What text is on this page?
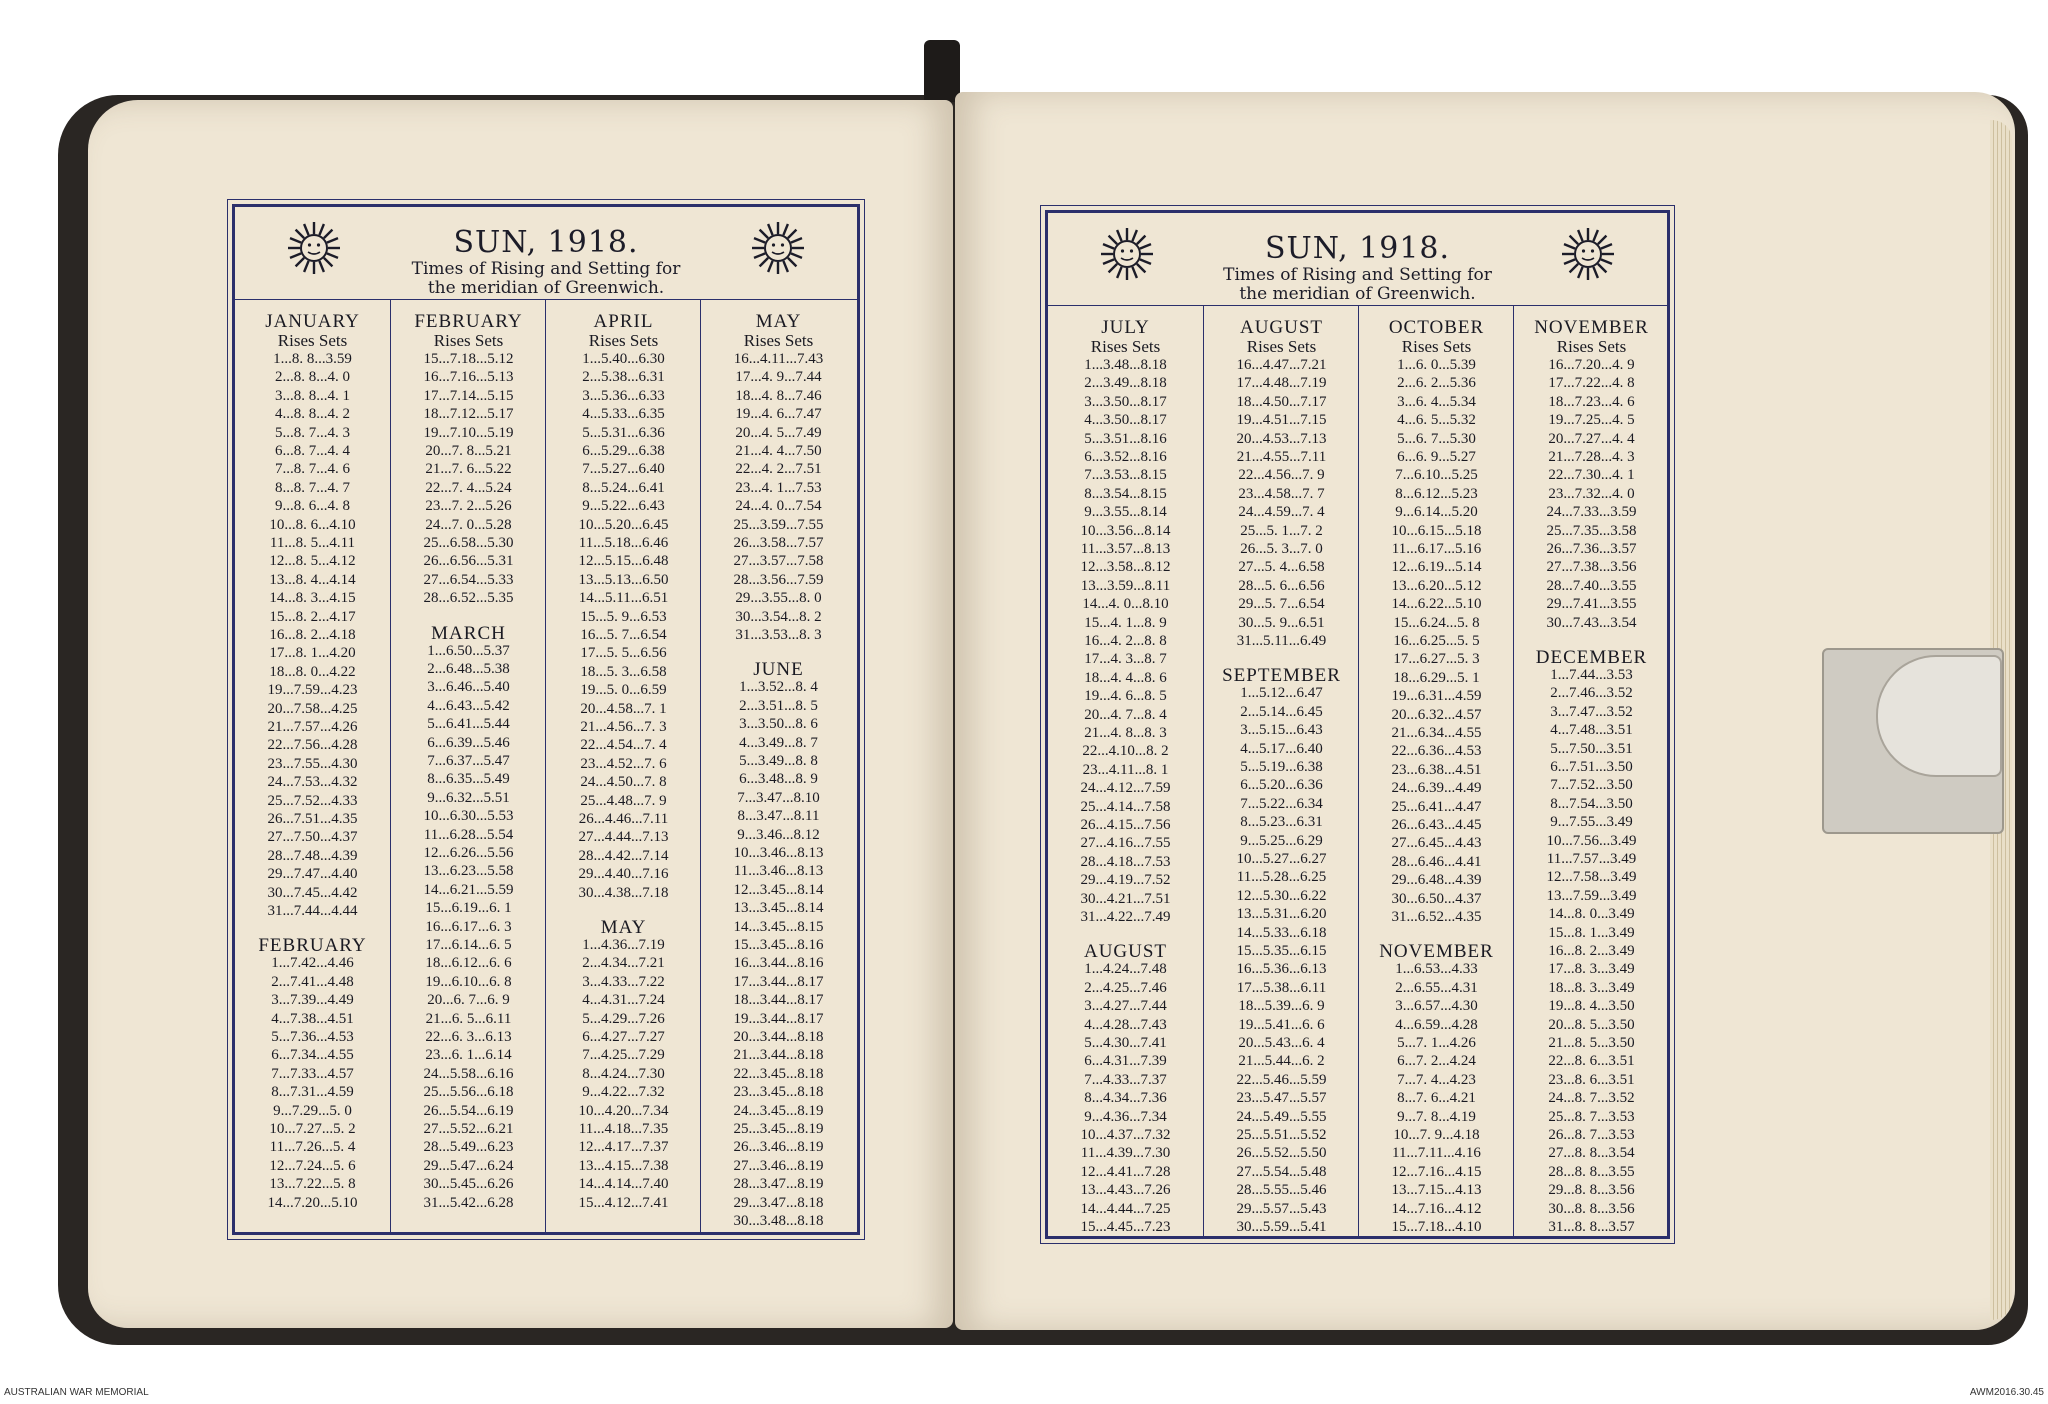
SUN, 1918.
Times of Rising and Setting for
the meridian of Greenwich.
JANUARY
Rises Sets
1...8. 8...3.59
2...8. 8...4. 0
3...8. 8...4. 1
4...8. 8...4. 2
5...8. 7...4. 3
6...8. 7...4. 4
7...8. 7...4. 6
8...8. 7...4. 7
9...8. 6...4. 8
10...8. 6...4.10
11...8. 5...4.11
12...8. 5...4.12
13...8. 4...4.14
14...8. 3...4.15
15...8. 2...4.17
16...8. 2...4.18
17...8. 1...4.20
18...8. 0...4.22
19...7.59...4.23
20...7.58...4.25
21...7.57...4.26
22...7.56...4.28
23...7.55...4.30
24...7.53...4.32
25...7.52...4.33
26...7.51...4.35
27...7.50...4.37
28...7.48...4.39
29...7.47...4.40
30...7.45...4.42
31...7.44...4.44
FEBRUARY
1...7.42...4.46
2...7.41...4.48
3...7.39...4.49
4...7.38...4.51
5...7.36...4.53
6...7.34...4.55
7...7.33...4.57
8...7.31...4.59
9...7.29...5. 0
10...7.27...5. 2
11...7.26...5. 4
12...7.24...5. 6
13...7.22...5. 8
14...7.20...5.10
FEBRUARY
Rises Sets
15...7.18...5.12
16...7.16...5.13
17...7.14...5.15
18...7.12...5.17
19...7.10...5.19
20...7. 8...5.21
21...7. 6...5.22
22...7. 4...5.24
23...7. 2...5.26
24...7. 0...5.28
25...6.58...5.30
26...6.56...5.31
27...6.54...5.33
28...6.52...5.35
MARCH
1...6.50...5.37
2...6.48...5.38
3...6.46...5.40
4...6.43...5.42
5...6.41...5.44
6...6.39...5.46
7...6.37...5.47
8...6.35...5.49
9...6.32...5.51
10...6.30...5.53
11...6.28...5.54
12...6.26...5.56
13...6.23...5.58
14...6.21...5.59
15...6.19...6. 1
16...6.17...6. 3
17...6.14...6. 5
18...6.12...6. 6
19...6.10...6. 8
20...6. 7...6. 9
21...6. 5...6.11
22...6. 3...6.13
23...6. 1...6.14
24...5.58...6.16
25...5.56...6.18
26...5.54...6.19
27...5.52...6.21
28...5.49...6.23
29...5.47...6.24
30...5.45...6.26
31...5.42...6.28
APRIL
Rises Sets
1...5.40...6.30
2...5.38...6.31
3...5.36...6.33
4...5.33...6.35
5...5.31...6.36
6...5.29...6.38
7...5.27...6.40
8...5.24...6.41
9...5.22...6.43
10...5.20...6.45
11...5.18...6.46
12...5.15...6.48
13...5.13...6.50
14...5.11...6.51
15...5. 9...6.53
16...5. 7...6.54
17...5. 5...6.56
18...5. 3...6.58
19...5. 0...6.59
20...4.58...7. 1
21...4.56...7. 3
22...4.54...7. 4
23...4.52...7. 6
24...4.50...7. 8
25...4.48...7. 9
26...4.46...7.11
27...4.44...7.13
28...4.42...7.14
29...4.40...7.16
30...4.38...7.18
MAY
1...4.36...7.19
2...4.34...7.21
3...4.33...7.22
4...4.31...7.24
5...4.29...7.26
6...4.27...7.27
7...4.25...7.29
8...4.24...7.30
9...4.22...7.32
10...4.20...7.34
11...4.18...7.35
12...4.17...7.37
13...4.15...7.38
14...4.14...7.40
15...4.12...7.41
MAY
Rises Sets
16...4.11...7.43
17...4. 9...7.44
18...4. 8...7.46
19...4. 6...7.47
20...4. 5...7.49
21...4. 4...7.50
22...4. 2...7.51
23...4. 1...7.53
24...4. 0...7.54
25...3.59...7.55
26...3.58...7.57
27...3.57...7.58
28...3.56...7.59
29...3.55...8. 0
30...3.54...8. 2
31...3.53...8. 3
JUNE
1...3.52...8. 4
2...3.51...8. 5
3...3.50...8. 6
4...3.49...8. 7
5...3.49...8. 8
6...3.48...8. 9
7...3.47...8.10
8...3.47...8.11
9...3.46...8.12
10...3.46...8.13
11...3.46...8.13
12...3.45...8.14
13...3.45...8.14
14...3.45...8.15
15...3.45...8.16
16...3.44...8.16
17...3.44...8.17
18...3.44...8.17
19...3.44...8.17
20...3.44...8.18
21...3.44...8.18
22...3.45...8.18
23...3.45...8.18
24...3.45...8.19
25...3.45...8.19
26...3.46...8.19
27...3.46...8.19
28...3.47...8.19
29...3.47...8.18
30...3.48...8.18
SUN, 1918.
Times of Rising and Setting for
the meridian of Greenwich.
JULY
Rises Sets
1...3.48...8.18
2...3.49...8.18
3...3.50...8.17
4...3.50...8.17
5...3.51...8.16
6...3.52...8.16
7...3.53...8.15
8...3.54...8.15
9...3.55...8.14
10...3.56...8.14
11...3.57...8.13
12...3.58...8.12
13...3.59...8.11
14...4. 0...8.10
15...4. 1...8. 9
16...4. 2...8. 8
17...4. 3...8. 7
18...4. 4...8. 6
19...4. 6...8. 5
20...4. 7...8. 4
21...4. 8...8. 3
22...4.10...8. 2
23...4.11...8. 1
24...4.12...7.59
25...4.14...7.58
26...4.15...7.56
27...4.16...7.55
28...4.18...7.53
29...4.19...7.52
30...4.21...7.51
31...4.22...7.49
AUGUST
1...4.24...7.48
2...4.25...7.46
3...4.27...7.44
4...4.28...7.43
5...4.30...7.41
6...4.31...7.39
7...4.33...7.37
8...4.34...7.36
9...4.36...7.34
10...4.37...7.32
11...4.39...7.30
12...4.41...7.28
13...4.43...7.26
14...4.44...7.25
15...4.45...7.23
AUGUST
Rises Sets
16...4.47...7.21
17...4.48...7.19
18...4.50...7.17
19...4.51...7.15
20...4.53...7.13
21...4.55...7.11
22...4.56...7. 9
23...4.58...7. 7
24...4.59...7. 4
25...5. 1...7. 2
26...5. 3...7. 0
27...5. 4...6.58
28...5. 6...6.56
29...5. 7...6.54
30...5. 9...6.51
31...5.11...6.49
SEPTEMBER
1...5.12...6.47
2...5.14...6.45
3...5.15...6.43
4...5.17...6.40
5...5.19...6.38
6...5.20...6.36
7...5.22...6.34
8...5.23...6.31
9...5.25...6.29
10...5.27...6.27
11...5.28...6.25
12...5.30...6.22
13...5.31...6.20
14...5.33...6.18
15...5.35...6.15
16...5.36...6.13
17...5.38...6.11
18...5.39...6. 9
19...5.41...6. 6
20...5.43...6. 4
21...5.44...6. 2
22...5.46...5.59
23...5.47...5.57
24...5.49...5.55
25...5.51...5.52
26...5.52...5.50
27...5.54...5.48
28...5.55...5.46
29...5.57...5.43
30...5.59...5.41
OCTOBER
Rises Sets
1...6. 0...5.39
2...6. 2...5.36
3...6. 4...5.34
4...6. 5...5.32
5...6. 7...5.30
6...6. 9...5.27
7...6.10...5.25
8...6.12...5.23
9...6.14...5.20
10...6.15...5.18
11...6.17...5.16
12...6.19...5.14
13...6.20...5.12
14...6.22...5.10
15...6.24...5. 8
16...6.25...5. 5
17...6.27...5. 3
18...6.29...5. 1
19...6.31...4.59
20...6.32...4.57
21...6.34...4.55
22...6.36...4.53
23...6.38...4.51
24...6.39...4.49
25...6.41...4.47
26...6.43...4.45
27...6.45...4.43
28...6.46...4.41
29...6.48...4.39
30...6.50...4.37
31...6.52...4.35
NOVEMBER
1...6.53...4.33
2...6.55...4.31
3...6.57...4.30
4...6.59...4.28
5...7. 1...4.26
6...7. 2...4.24
7...7. 4...4.23
8...7. 6...4.21
9...7. 8...4.19
10...7. 9...4.18
11...7.11...4.16
12...7.16...4.15
13...7.15...4.13
14...7.16...4.12
15...7.18...4.10
NOVEMBER
Rises Sets
16...7.20...4. 9
17...7.22...4. 8
18...7.23...4. 6
19...7.25...4. 5
20...7.27...4. 4
21...7.28...4. 3
22...7.30...4. 1
23...7.32...4. 0
24...7.33...3.59
25...7.35...3.58
26...7.36...3.57
27...7.38...3.56
28...7.40...3.55
29...7.41...3.55
30...7.43...3.54
DECEMBER
1...7.44...3.53
2...7.46...3.52
3...7.47...3.52
4...7.48...3.51
5...7.50...3.51
6...7.51...3.50
7...7.52...3.50
8...7.54...3.50
9...7.55...3.49
10...7.56...3.49
11...7.57...3.49
12...7.58...3.49
13...7.59...3.49
14...8. 0...3.49
15...8. 1...3.49
16...8. 2...3.49
17...8. 3...3.49
18...8. 3...3.49
19...8. 4...3.50
20...8. 5...3.50
21...8. 5...3.50
22...8. 6...3.51
23...8. 6...3.51
24...8. 7...3.52
25...8. 7...3.53
26...8. 7...3.53
27...8. 8...3.54
28...8. 8...3.55
29...8. 8...3.56
30...8. 8...3.56
31...8. 8...3.57
AUSTRALIAN WAR MEMORIAL	AWM2016.30.45
